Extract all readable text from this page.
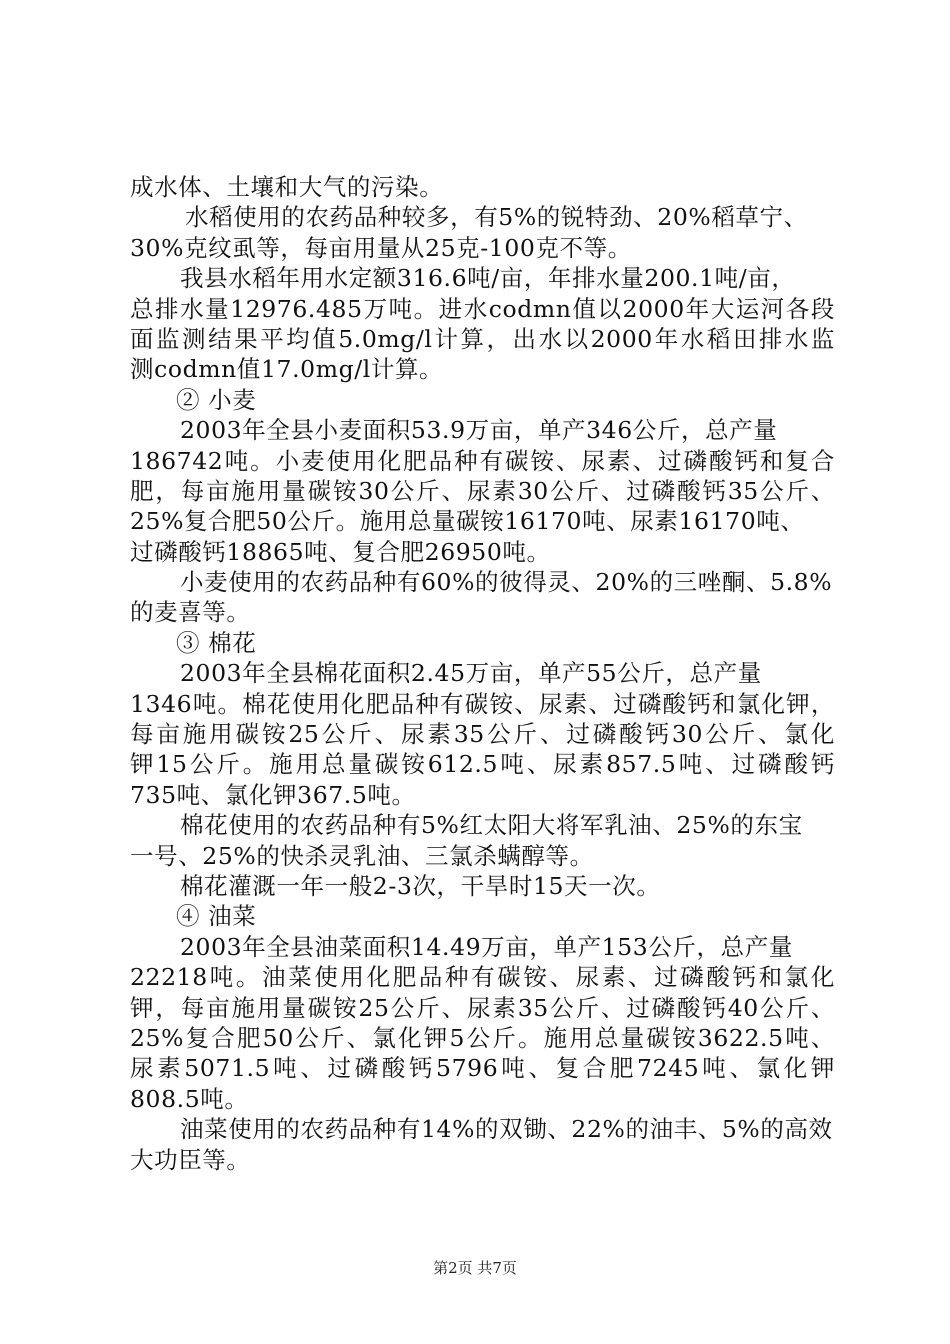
成水体、土壤和大气的污染。
水稻使用的农药品种较多，有5%的锐特劲、20%稻草宁、
30%克纹虱等，每亩用量从25克-100克不等。
我县水稻年用水定额316.6吨/亩，年排水量200.1吨/亩，
总排水量12976.485万吨。进水codmn值以2000年大运河各段
面监测结果平均值5.0mg/l计算，出水以2000年水稻田排水监
测codmn值17.0mg/l计算。
② 小麦
2003年全县小麦面积53.9万亩，单产346公斤，总产量
186742吨。小麦使用化肥品种有碳铵、尿素、过磷酸钙和复合
肥，每亩施用量碳铵30公斤、尿素30公斤、过磷酸钙35公斤、
25%复合肥50公斤。施用总量碳铵16170吨、尿素16170吨、
过磷酸钙18865吨、复合肥26950吨。
小麦使用的农药品种有60%的彼得灵、20%的三唑酮、5.8%
的麦喜等。
③ 棉花
2003年全县棉花面积2.45万亩，单产55公斤，总产量
1346吨。棉花使用化肥品种有碳铵、尿素、过磷酸钙和氯化钾，
每亩施用碳铵25公斤、尿素35公斤、过磷酸钙30公斤、氯化
钾15公斤。施用总量碳铵612.5吨、尿素857.5吨、过磷酸钙
735吨、氯化钾367.5吨。
棉花使用的农药品种有5%红太阳大将军乳油、25%的东宝
一号、25%的快杀灵乳油、三氯杀螨醇等。
棉花灌溉一年一般2-3次，干旱时15天一次。
④ 油菜
2003年全县油菜面积14.49万亩，单产153公斤，总产量
22218吨。油菜使用化肥品种有碳铵、尿素、过磷酸钙和氯化
钾，每亩施用量碳铵25公斤、尿素35公斤、过磷酸钙40公斤、
25%复合肥50公斤、氯化钾5公斤。施用总量碳铵3622.5吨、
尿素5071.5吨、过磷酸钙5796吨、复合肥7245吨、氯化钾
808.5吨。
油菜使用的农药品种有14%的双锄、22%的油丰、5%的高效
大功臣等。
第2页 共7页
